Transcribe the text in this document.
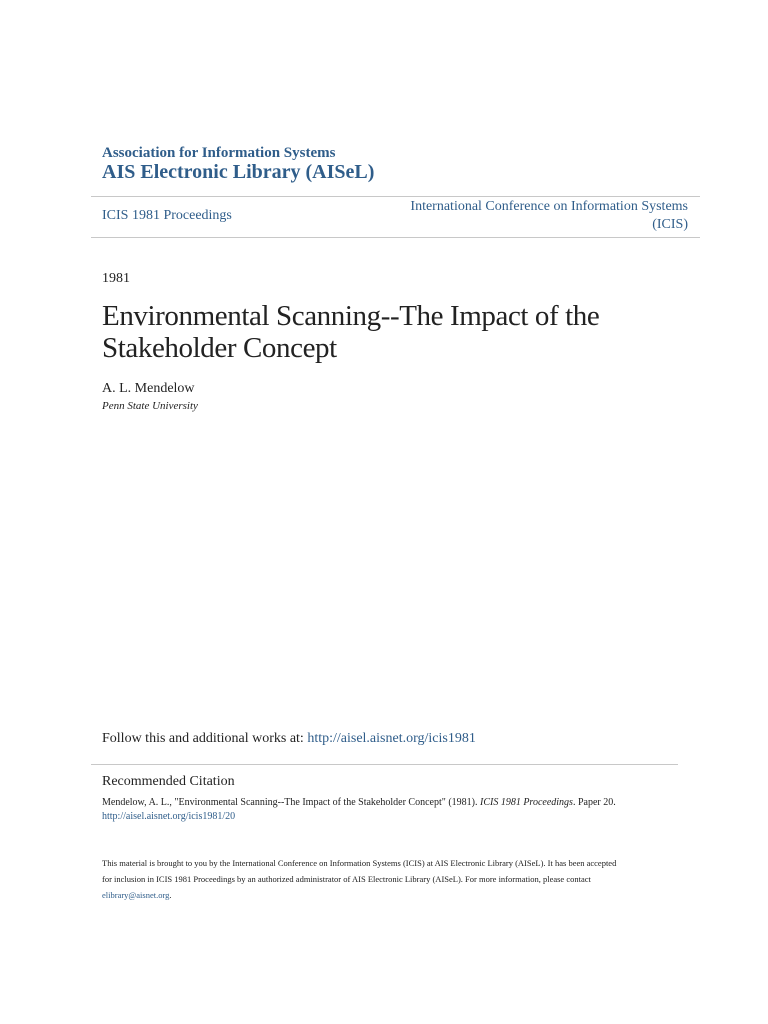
Association for Information Systems
AIS Electronic Library (AISeL)
ICIS 1981 Proceedings
International Conference on Information Systems
(ICIS)
1981
Environmental Scanning--The Impact of the
Stakeholder Concept
A. L. Mendelow
Penn State University
Follow this and additional works at: http://aisel.aisnet.org/icis1981
Recommended Citation
Mendelow, A. L., "Environmental Scanning--The Impact of the Stakeholder Concept" (1981). ICIS 1981 Proceedings. Paper 20.
http://aisel.aisnet.org/icis1981/20
This material is brought to you by the International Conference on Information Systems (ICIS) at AIS Electronic Library (AISeL). It has been accepted
for inclusion in ICIS 1981 Proceedings by an authorized administrator of AIS Electronic Library (AISeL). For more information, please contact
elibrary@aisnet.org.
